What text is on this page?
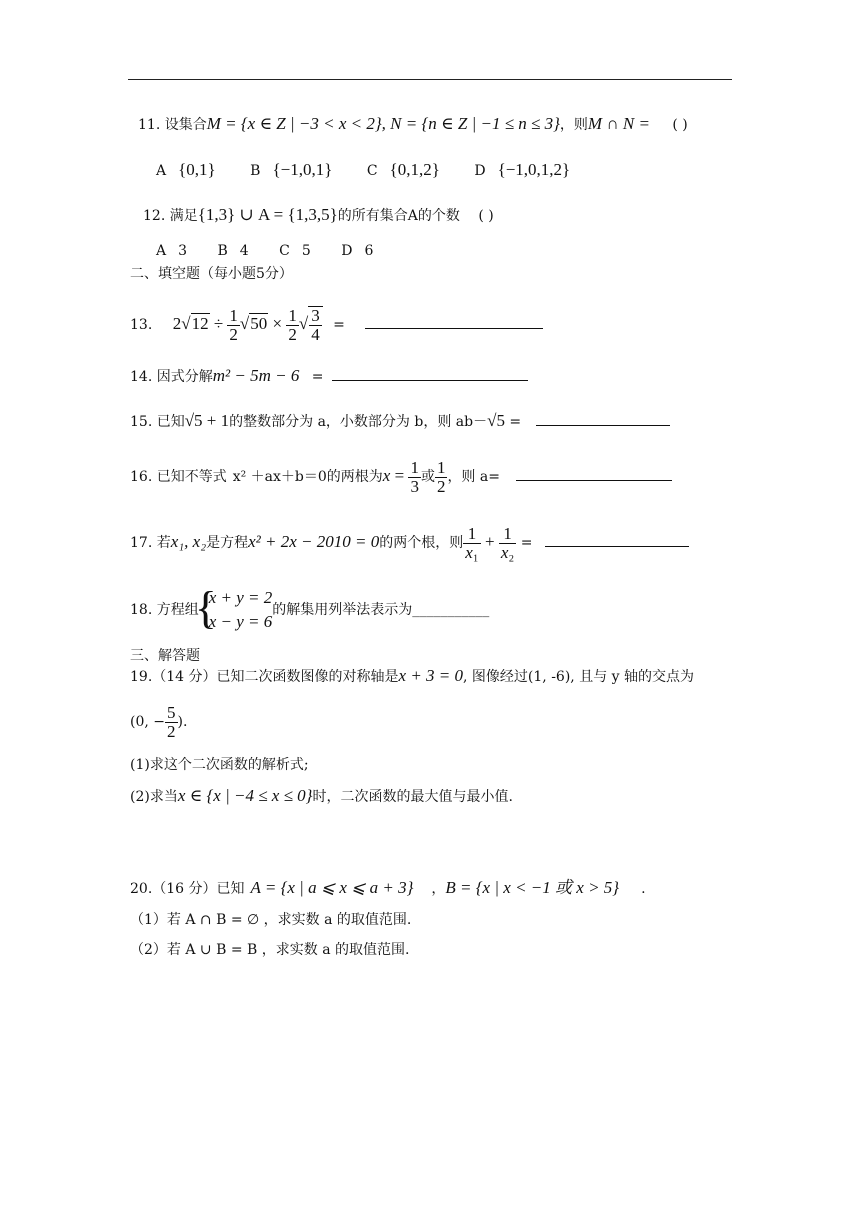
11. 设集合M = {x ∈ Z | −3 < x < 2}, N = {n ∈ Z | −1 ≤ n ≤ 3}，则M ∩ N = ( )
A {0,1} B {−1,0,1} C {0,1,2} D {−1,0,1,2}
12. 满足{1,3} ∪ A = {1,3,5}的所有集合A的个数 ( )
A 3 B 4 C 5 D 6
二、填空题（每小题5分）
13. $2√12 \div \frac{1}{2} √50 \times \frac{1}{2}$ √ $\frac{3}{4}$ =
14. 因式分解m² − 5m − 6 =
15. 已知√5 + 1的整数部分为 a，小数部分为 b，则 ab－√5 =
16. 已知不等式 x² ＋ax＋b＝0的两根为$x = \frac{1}{3}$ 或 $\frac{1}{2}$ ，则 a=
17. 若x₁, x₂是方程x² + 2x − 2010 = 0的两个根，则 $\frac{1}{\text{x₁}} + \frac{1}{\text{x₂}}$ =
18. 方程组
{ x + y = 2
x − y = 6
的解集用列举法表示为___________
三、解答题
19.（14 分）已知二次函数图像的对称轴是x + 3 = 0, 图像经过(1, -6), 且与 y 轴的交点为
(0, − $\frac{5}{2}$ ).
(1)求这个二次函数的解析式;
(2)求当x ∈ {x | −4 ≤ x ≤ 0}时，二次函数的最大值与最小值.
20.（16 分）已知 A = {x | a ⩽ x ⩽ a + 3} ，B = {x | x < −1 或 x > 5} .
（1）若 A ∩ B = ∅ ，求实数 a 的取值范围.
（2）若 A ∪ B = B ，求实数 a 的取值范围.
